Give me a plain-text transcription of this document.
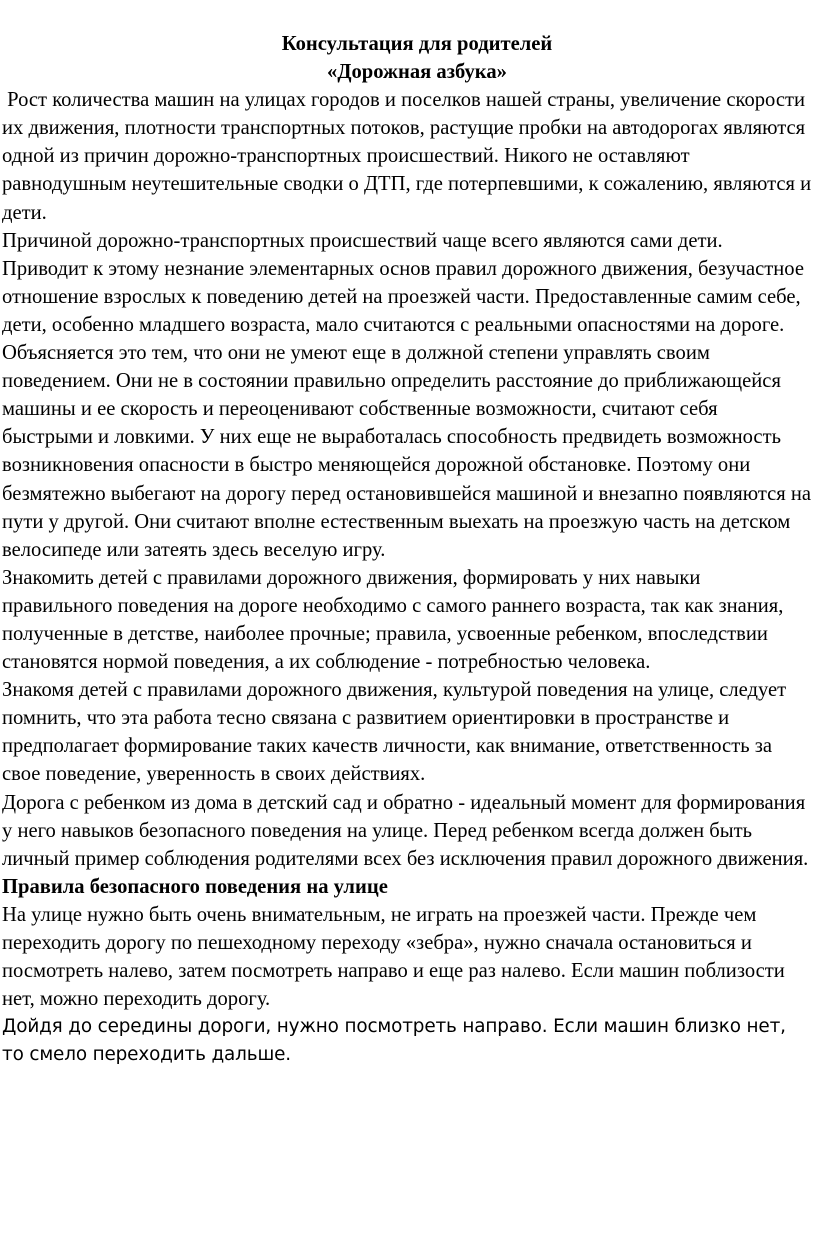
Консультация для родителей

«Дорожная азбука»

Рост количества машин на улицах городов и поселков нашей страны, увеличение скорости их движения, плотности транспортных потоков, растущие пробки на автодорогах являются одной из причин дорожно-транспортных происшествий. Никого не оставляют равнодушным неутешительные сводки о ДТП, где потерпевшими, к сожалению, являются и дети.

Причиной дорожно-транспортных происшествий чаще всего являются сами дети. Приводит к этому незнание элементарных основ правил дорожного движения, безучастное отношение взрослых к поведению детей на проезжей части. Предоставленные самим себе, дети, особенно младшего возраста, мало считаются с реальными опасностями на дороге. Объясняется это тем, что они не умеют еще в должной степени управлять своим поведением. Они не в состоянии правильно определить расстояние до приближающейся машины и ее скорость и переоценивают собственные возможности, считают себя быстрыми и ловкими. У них еще не выработалась способность предвидеть возможность возникновения опасности в быстро меняющейся дорожной обстановке. Поэтому они безмятежно выбегают на дорогу перед остановившейся машиной и внезапно появляются на пути у другой. Они считают вполне естественным выехать на проезжую часть на детском велосипеде или затеять здесь веселую игру.

Знакомить детей с правилами дорожного движения, формировать у них навыки правильного поведения на дороге необходимо с самого раннего возраста, так как знания, полученные в детстве, наиболее прочные; правила, усвоенные ребенком, впоследствии становятся нормой поведения, а их соблюдение - потребностью человека.

Знакомя детей с правилами дорожного движения, культурой поведения на улице, следует помнить, что эта работа тесно связана с развитием ориентировки в пространстве и предполагает формирование таких качеств личности, как внимание, ответственность за свое поведение, уверенность в своих действиях.

Дорога с ребенком из дома в детский сад и обратно - идеальный момент для формирования у него навыков безопасного поведения на улице. Перед ребенком всегда должен быть личный пример соблюдения родителями всех без исключения правил дорожного движения.

Правила безопасного поведения на улице

На улице нужно быть очень внимательным, не играть на проезжей части. Прежде чем переходить дорогу по пешеходному переходу «зебра», нужно сначала остановиться и посмотреть налево, затем посмотреть направо и еще раз налево. Если машин поблизости нет, можно переходить дорогу.

Дойдя до середины дороги, нужно посмотреть направо. Если машин близко нет, то смело переходить дальше.
